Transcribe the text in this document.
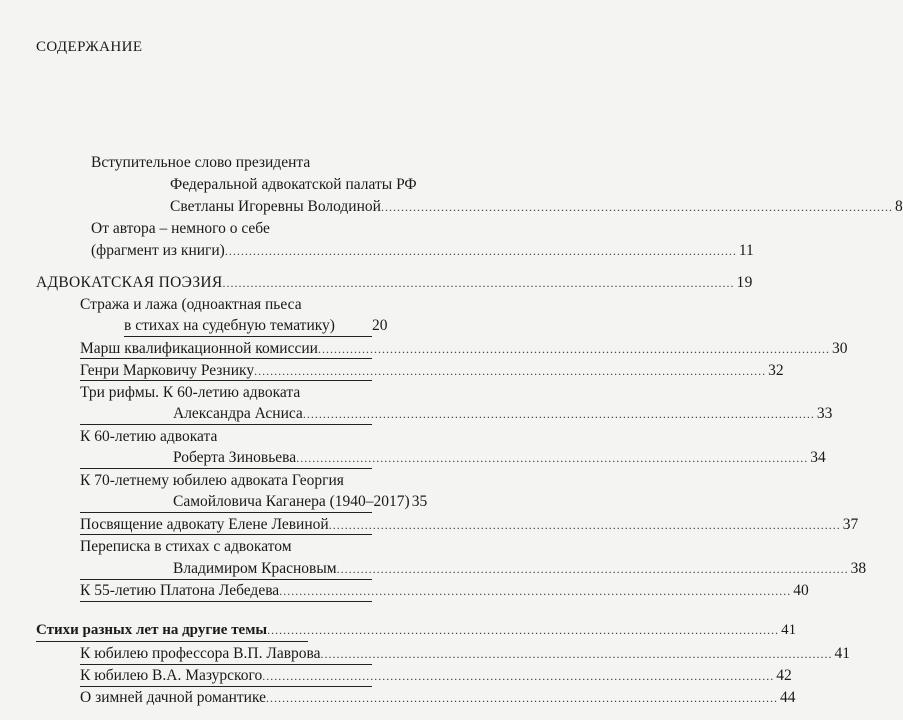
СОДЕРЖАНИЕ
Вступительное слово президента
Федеральной адвокатской палаты РФ
Светланы Игоревны Володиной .....	8
От автора – немного о себе
(фрагмент из книги) .....	11
АДВОКАТСКАЯ ПОЭЗИЯ .....	19
Стража и лажа (одноактная пьеса
в стихах на судебную тематику) 20
Марш квалификационной комиссии .....	30
Генри Марковичу Резнику .....	32
Три рифмы. К 60-летию адвоката
Александра Асниса .....	33
К 60-летию адвоката
Роберта Зиновьева .....	34
К 70-летнему юбилею адвоката Георгия
Самойловича Каганера (1940–2017) 35
Посвящение адвокату Елене Левиной .....	37
Переписка в стихах с адвокатом
Владимиром Красновым .....	38
К 55-летию Платона Лебедева .....	40
Стихи разных лет на другие темы .....	41
К юбилею профессора В.П. Лаврова .....	41
К юбилею В.А. Мазурского .....	42
О зимней дачной романтике .....	44
